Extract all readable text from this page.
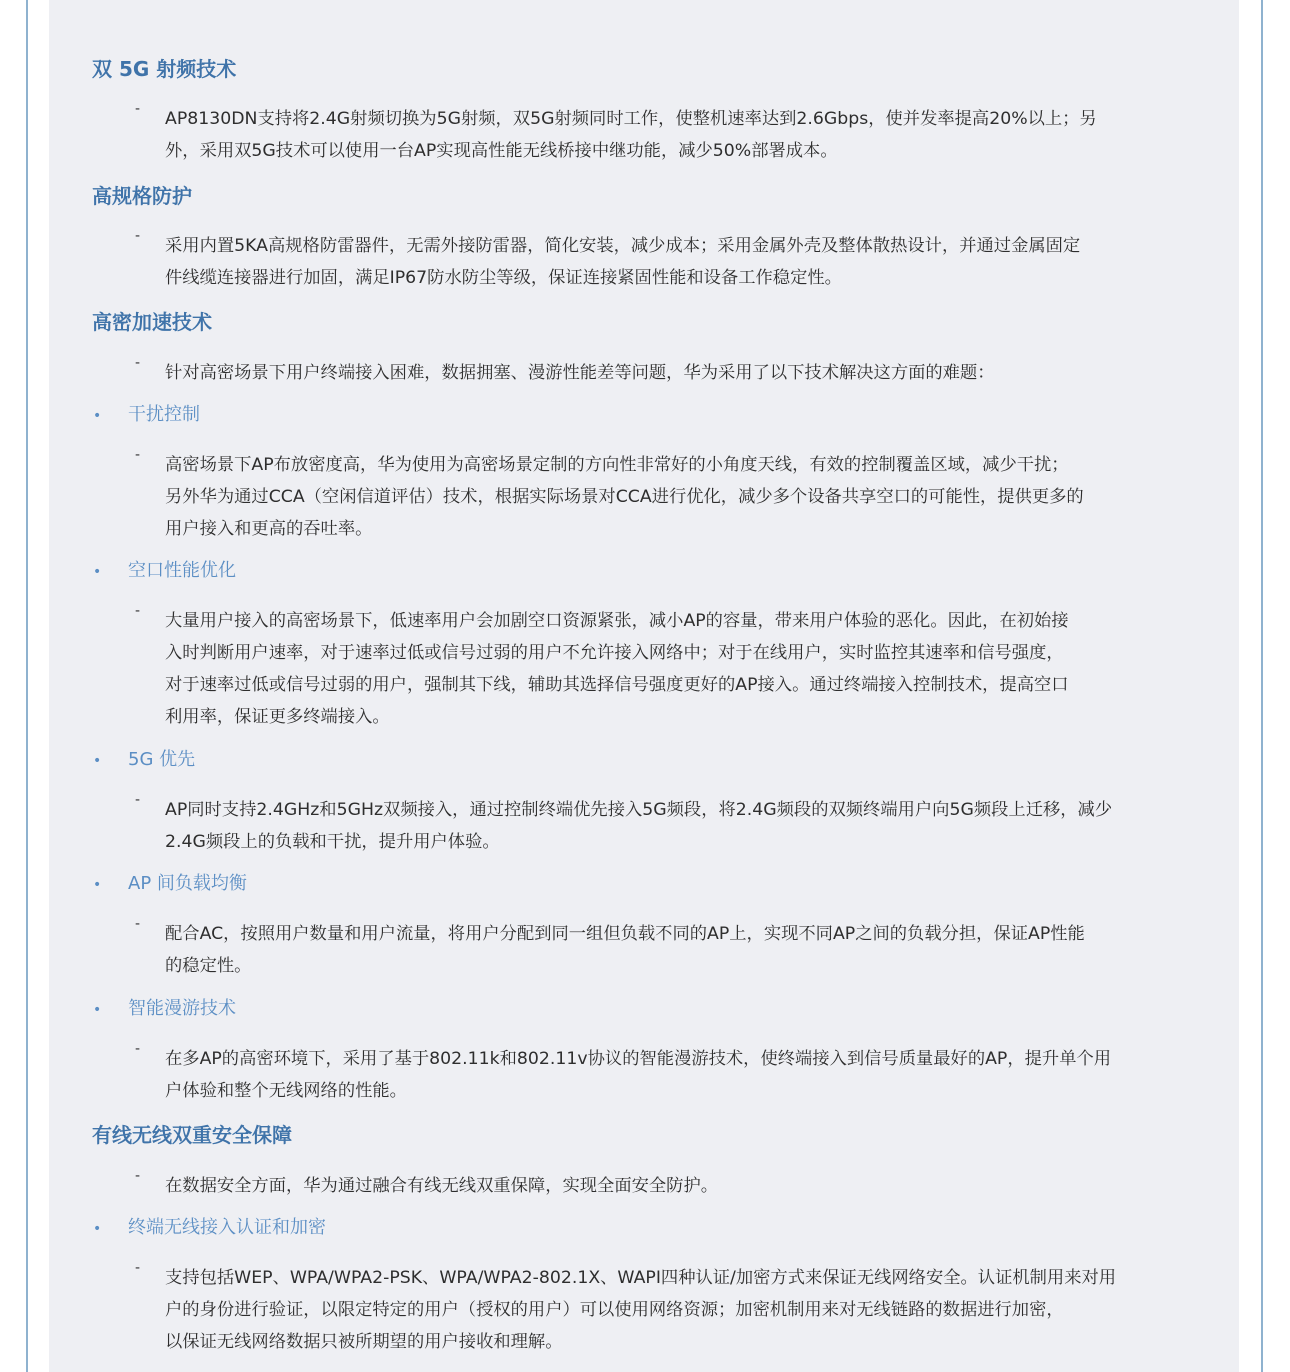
双 5G 射频技术
- AP8130DN支持将2.4G射频切换为5G射频，双5G射频同时工作，使整机速率达到2.6Gbps，使并发率提高20%以上；另
外，采用双5G技术可以使用一台AP实现高性能无线桥接中继功能，减少50%部署成本。

高规格防护
- 采用内置5KA高规格防雷器件，无需外接防雷器，简化安装，减少成本；采用金属外壳及整体散热设计，并通过金属固定
件线缆连接器进行加固，满足IP67防水防尘等级，保证连接紧固性能和设备工作稳定性。

高密加速技术
- 针对高密场景下用户终端接入困难，数据拥塞、漫游性能差等问题，华为采用了以下技术解决这方面的难题：

• 干扰控制
- 高密场景下AP布放密度高，华为使用为高密场景定制的方向性非常好的小角度天线，有效的控制覆盖区域，减少干扰；
另外华为通过CCA（空闲信道评估）技术，根据实际场景对CCA进行优化，减少多个设备共享空口的可能性，提供更多的
用户接入和更高的吞吐率。

• 空口性能优化
- 大量用户接入的高密场景下，低速率用户会加剧空口资源紧张，减小AP的容量，带来用户体验的恶化。因此，在初始接
入时判断用户速率，对于速率过低或信号过弱的用户不允许接入网络中；对于在线用户，实时监控其速率和信号强度，
对于速率过低或信号过弱的用户，强制其下线，辅助其选择信号强度更好的AP接入。通过终端接入控制技术，提高空口
利用率，保证更多终端接入。

• 5G 优先
- AP同时支持2.4GHz和5GHz双频接入，通过控制终端优先接入5G频段，将2.4G频段的双频终端用户向5G频段上迁移，减少
2.4G频段上的负载和干扰，提升用户体验。

• AP 间负载均衡
- 配合AC，按照用户数量和用户流量，将用户分配到同一组但负载不同的AP上，实现不同AP之间的负载分担，保证AP性能
的稳定性。

• 智能漫游技术
- 在多AP的高密环境下，采用了基于802.11k和802.11v协议的智能漫游技术，使终端接入到信号质量最好的AP，提升单个用
户体验和整个无线网络的性能。

有线无线双重安全保障
- 在数据安全方面，华为通过融合有线无线双重保障，实现全面安全防护。

• 终端无线接入认证和加密
- 支持包括WEP、WPA/WPA2-PSK、WPA/WPA2-802.1X、WAPI四种认证/加密方式来保证无线网络安全。认证机制用来对用
户的身份进行验证，以限定特定的用户（授权的用户）可以使用网络资源；加密机制用来对无线链路的数据进行加密，
以保证无线网络数据只被所期望的用户接收和理解。
